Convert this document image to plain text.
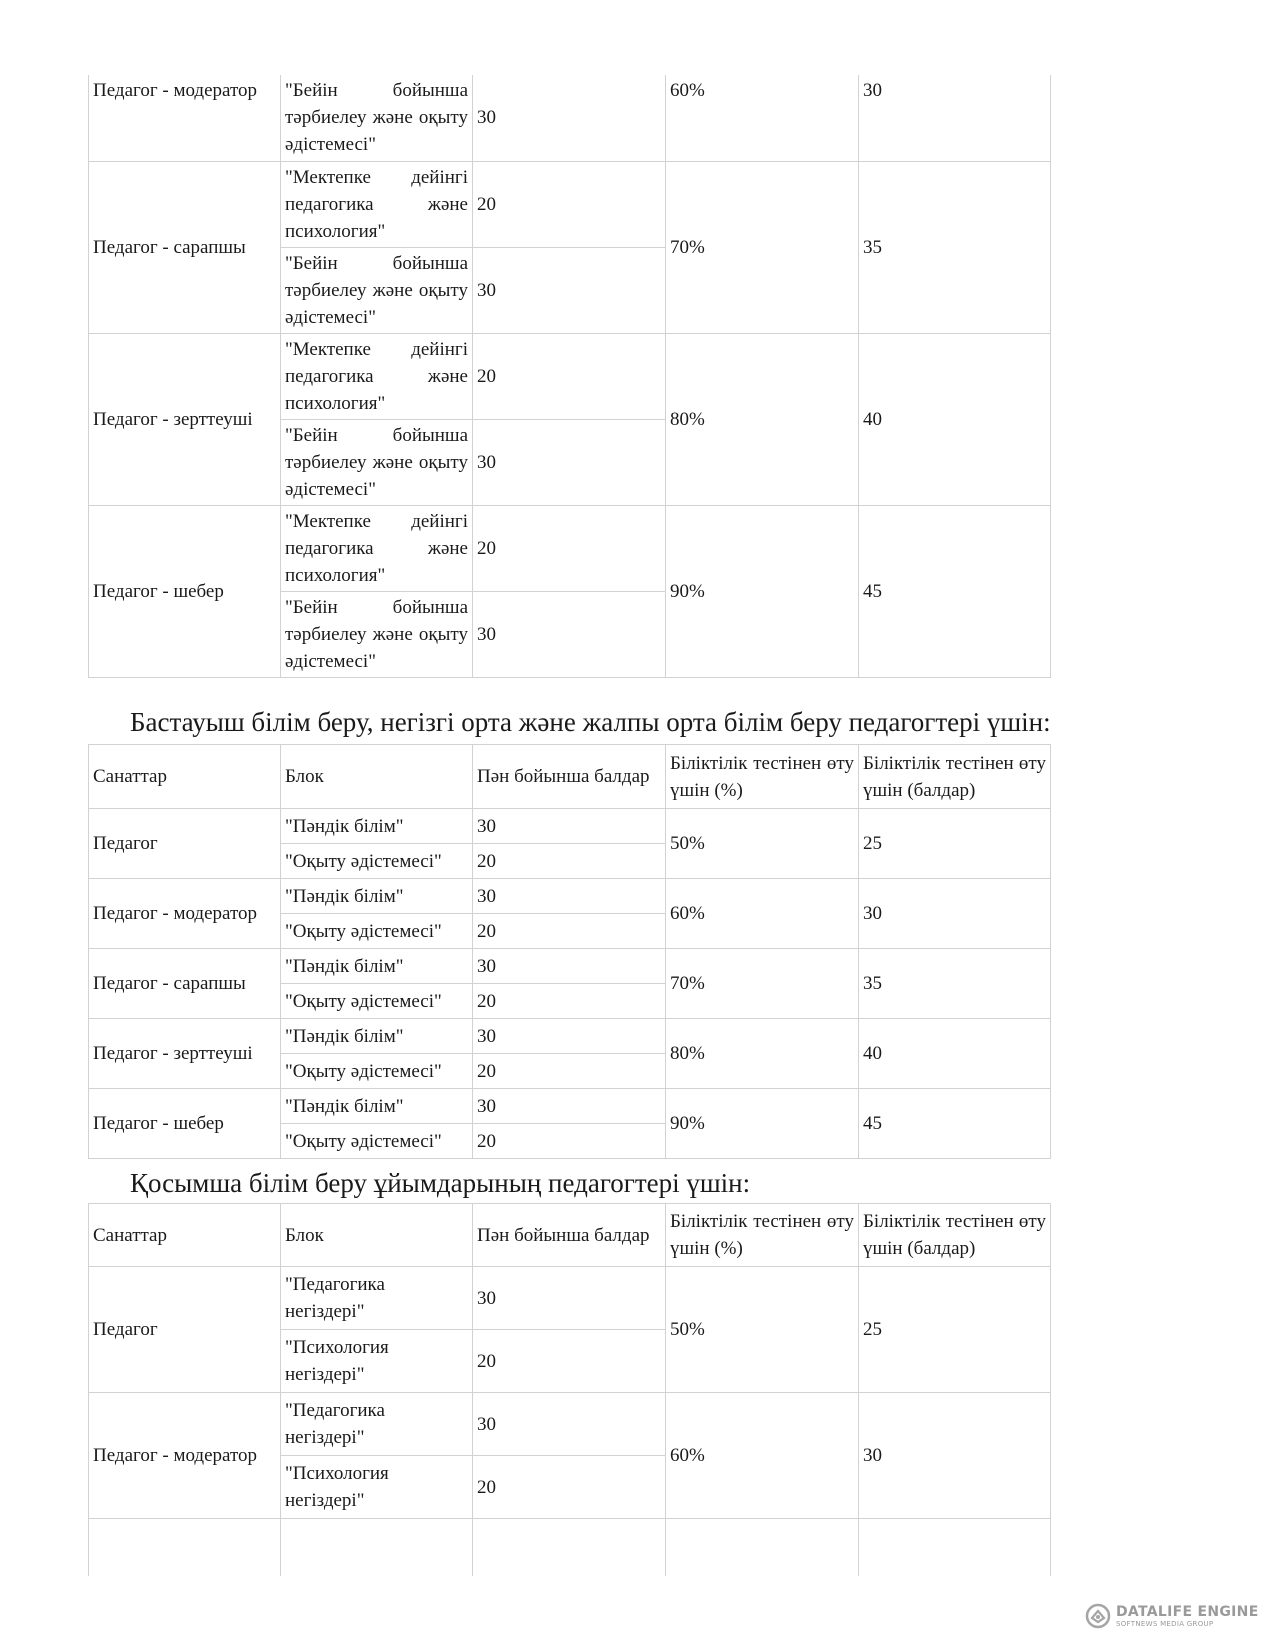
Педагог - модератор	"Бейін бойынша тәрбиелеу және оқыту әдістемесі"	30	60%	30
Педагог - сарапшы	"Мектепке дейінгі педагогика және психология"	20	70%	35
	"Бейін бойынша тәрбиелеу және оқыту әдістемесі"	30		
Педагог - зерттеуші	"Мектепке дейінгі педагогика және психология"	20	80%	40
	"Бейін бойынша тәрбиелеу және оқыту әдістемесі"	30		
Педагог - шебер	"Мектепке дейінгі педагогика және психология"	20	90%	45
	"Бейін бойынша тәрбиелеу және оқыту әдістемесі"	30		
Бастауыш білім беру, негізгі орта және жалпы орта білім беру педагогтері үшін:
Санаттар	Блок	Пән бойынша балдар	Біліктілік тестінен өту үшін (%)	Біліктілік тестінен өту үшін (балдар)
Педагог	"Пәндік білім"	30	50%	25
	"Оқыту әдістемесі"	20		
Педагог - модератор	"Пәндік білім"	30	60%	30
	"Оқыту әдістемесі"	20		
Педагог - сарапшы	"Пәндік білім"	30	70%	35
	"Оқыту әдістемесі"	20		
Педагог - зерттеуші	"Пәндік білім"	30	80%	40
	"Оқыту әдістемесі"	20		
Педагог - шебер	"Пәндік білім"	30	90%	45
	"Оқыту әдістемесі"	20		
Қосымша білім беру ұйымдарының педагогтері үшін:
Санаттар	Блок	Пән бойынша балдар	Біліктілік тестінен өту үшін (%)	Біліктілік тестінен өту үшін (балдар)
Педагог	"Педагогика негіздері"	30	50%	25
	"Психология негіздері"	20		
Педагог - модератор	"Педагогика негіздері"	30	60%	30
	"Психология негіздері"	20		

DATALIFE ENGINE
SOFTNEWS MEDIA GROUP
